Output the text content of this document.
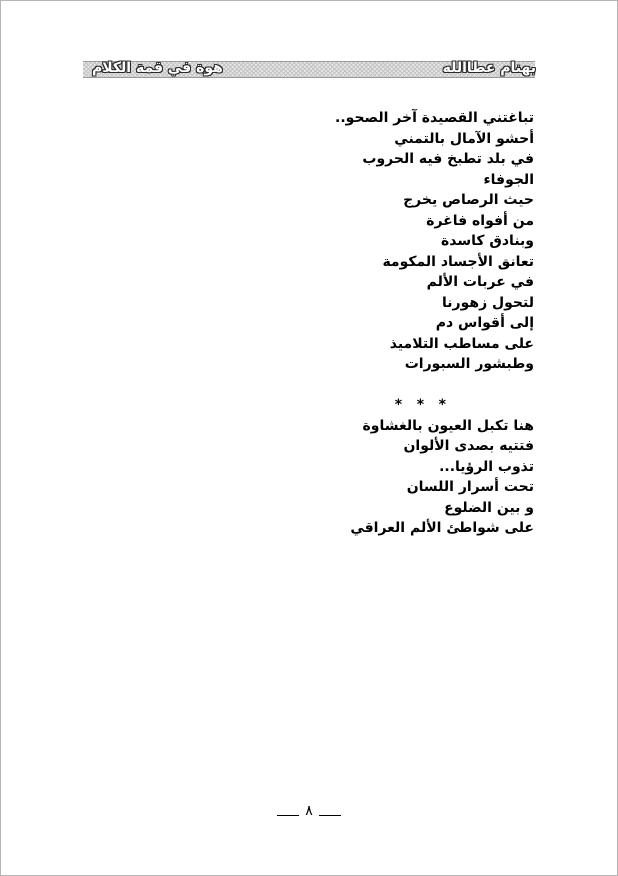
بهنام عطاالله
هوة في قمة الكلام
تباغتني القصيدة آخر الصحو..
أحشو الآمال بالتمني
في بلد تطبخ فيه الحروب
الجوفاء
حيث الرصاص يخرج
من أفواه فاغرة
وبنادق كاسدة
تعانق الأجساد المكومة
في عربات الألم
لتحول زهورنا
إلى أقواس دم
على مساطب التلاميذ
وطبشور السبورات
*   *   *
هنا تكبل العيون بالغشاوة
فتتيه بصدى الألوان
تذوب الرؤيا...
تحت أسرار اللسان
و بين الضلوع
على شواطئ الألم العراقي
٨
